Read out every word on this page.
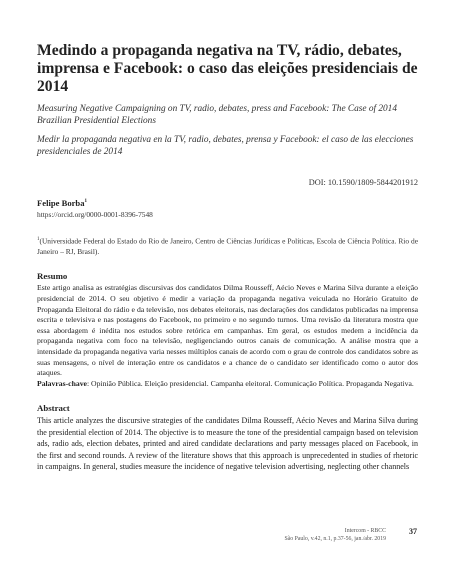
Medindo a propaganda negativa na TV, rádio, debates, imprensa e Facebook: o caso das eleições presidenciais de 2014

Measuring Negative Campaigning on TV, radio, debates, press and Facebook: The Case of 2014 Brazilian Presidential Elections

Medir la propaganda negativa en la TV, radio, debates, prensa y Facebook: el caso de las elecciones presidenciales de 2014

DOI: 10.1590/1809-5844201912

Felipe Borba$^1$

https://orcid.org/0000-0001-8396-7548

$^1$(Universidade Federal do Estado do Rio de Janeiro, Centro de Ciências Jurídicas e Políticas, Escola de Ciência Política. Rio de Janeiro – RJ, Brasil).

Resumo

Este artigo analisa as estratégias discursivas dos candidatos Dilma Rousseff, Aécio Neves e Marina Silva durante a eleição presidencial de 2014. O seu objetivo é medir a variação da propaganda negativa veiculada no Horário Gratuito de Propaganda Eleitoral do rádio e da televisão, nos debates eleitorais, nas declarações dos candidatos publicadas na imprensa escrita e televisiva e nas postagens do Facebook, no primeiro e no segundo turnos. Uma revisão da literatura mostra que essa abordagem é inédita nos estudos sobre retórica em campanhas. Em geral, os estudos medem a incidência da propaganda negativa com foco na televisão, negligenciando outros canais de comunicação. A análise mostra que a intensidade da propaganda negativa varia nesses múltiplos canais de acordo com o grau de controle dos candidatos sobre as suas mensagens, o nível de interação entre os candidatos e a chance de o candidato ser identificado como o autor dos ataques.

Palavras-chave: Opinião Pública. Eleição presidencial. Campanha eleitoral. Comunicação Política. Propaganda Negativa.

Abstract

This article analyzes the discursive strategies of the candidates Dilma Rousseff, Aécio Neves and Marina Silva during the presidential election of 2014. The objective is to measure the tone of the presidential campaign based on television ads, radio ads, election debates, printed and aired candidate declarations and party messages placed on Facebook, in the first and second rounds. A review of the literature shows that this approach is unprecedented in studies of rhetoric in campaigns. In general, studies measure the incidence of negative television advertising, neglecting other channels

Intercom - RBCC
São Paulo, v.42, n.1, p.37-56, jan./abr. 2019
37
